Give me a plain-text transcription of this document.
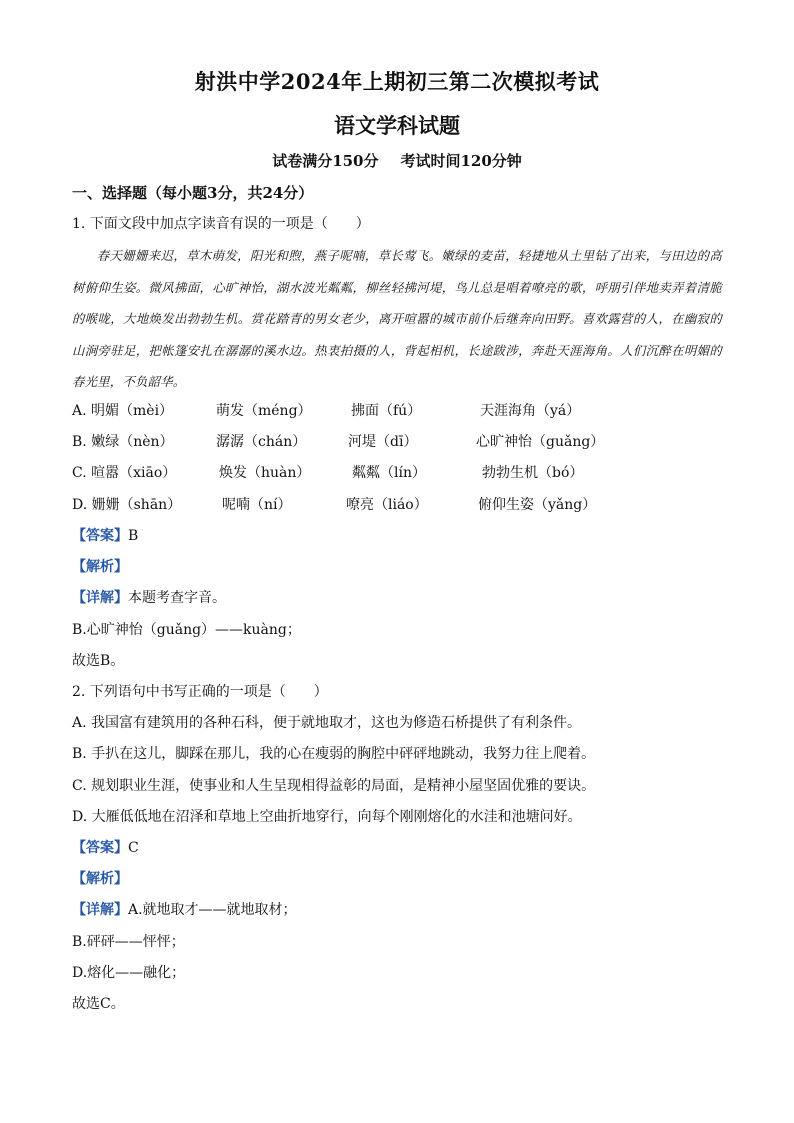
射洪中学2024年上期初三第二次模拟考试
语文学科试题
试卷满分150分 考试时间120分钟
一、选择题（每小题3分，共24分）
1. 下面文段中加点字读音有误的一项是（　　）
春天姗姗来迟，草木萌发，阳光和煦，燕子呢喃，草长莺飞。嫩绿的麦苗，轻捷地从土里钻了出来，与田边的高树俯仰生姿。微风拂面，心旷神怡，湖水波光粼粼，柳丝轻拂河堤，鸟儿总是唱着嘹亮的歌，呼朋引伴地卖弄着清脆的喉咙，大地焕发出勃勃生机。赏花踏青的男女老少，离开喧嚣的城市前仆后继奔向田野。喜欢露营的人，在幽寂的山涧旁驻足，把帐篷安扎在潺潺的溪水边。热衷拍摄的人，背起相机，长途跋涉，奔赴天涯海角。人们沉醉在明媚的春光里，不负韶华。
A. 明媚（mèi）	萌发（méng）	拂面（fú）	天涯海角（yá）
B. 嫩绿（nèn）	潺潺（chán）	河堤（dī）	心旷神怡（guǎng）
C. 喧嚣（xiāo）	焕发（huàn）	粼粼（lín）	勃勃生机（bó）
D. 姗姗（shān）	呢喃（ní）	嘹亮（liáo）	俯仰生姿（yǎng）
【答案】B
【解析】
【详解】本题考查字音。
B.心旷神怡（guǎng）——kuàng；
故选B。
2. 下列语句中书写正确的一项是（　　）
A. 我国富有建筑用的各种石科，便于就地取才，这也为修造石桥提供了有利条件。
B. 手扒在这儿，脚踩在那儿，我的心在瘦弱的胸腔中砰砰地跳动，我努力往上爬着。
C. 规划职业生涯，使事业和人生呈现相得益彰的局面，是精神小屋坚固优雅的要诀。
D. 大雁低低地在沼泽和草地上空曲折地穿行，向每个刚刚熔化的水洼和池塘问好。
【答案】C
【解析】
【详解】A.就地取才——就地取材；
B.砰砰——怦怦；
D.熔化——融化；
故选C。
